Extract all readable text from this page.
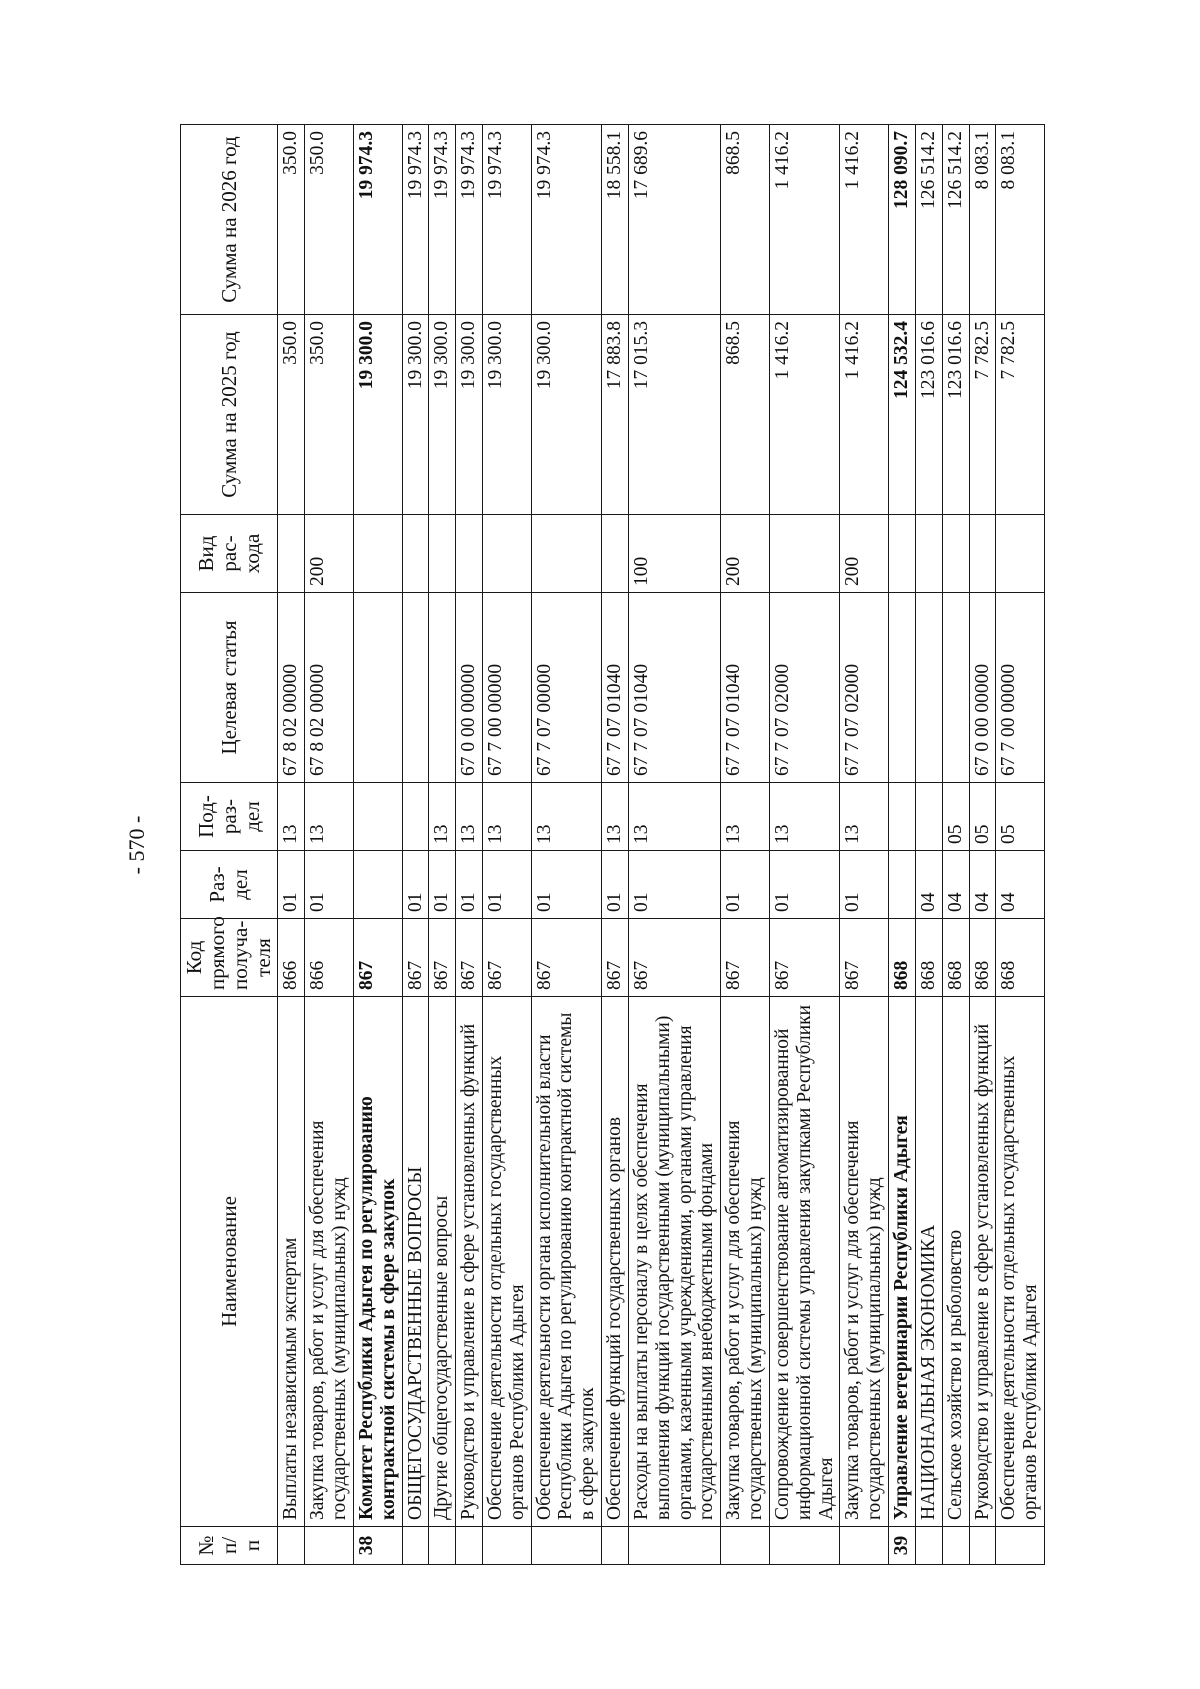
- 570 -
№ п/п	Наименование	Код прямого получа- теля	Раз- дел	Под- раз- дел	Целевая статья	Вид рас- хода	Сумма на 2025 год	Сумма на 2026 год
	Выплаты независимым экспертам	866	01	13	67 8 02 00000		350.0	350.0
	Закупка товаров, работ и услуг для обеспечения государственных (муниципальных) нужд	866	01	13	67 8 02 00000	200	350.0	350.0
38	Комитет Республики Адыгея по регулированию контрактной системы в сфере закупок	867					19 300.0	19 974.3
	ОБЩЕГОСУДАРСТВЕННЫЕ ВОПРОСЫ	867	01				19 300.0	19 974.3
	Другие общегосударственные вопросы	867	01	13			19 300.0	19 974.3
	Руководство и управление в сфере установленных функций	867	01	13	67 0 00 00000		19 300.0	19 974.3
	Обеспечение деятельности отдельных государственных органов Республики Адыгея	867	01	13	67 7 00 00000		19 300.0	19 974.3
	Обеспечение деятельности органа исполнительной власти Республики Адыгея по регулированию контрактной системы в сфере закупок	867	01	13	67 7 07 00000		19 300.0	19 974.3
	Обеспечение функций государственных органов	867	01	13	67 7 07 01040		17 883.8	18 558.1
	Расходы на выплаты персоналу в целях обеспечения выполнения функций государственными (муниципальными) органами, казенными учреждениями, органами управления государственными внебюджетными фондами	867	01	13	67 7 07 01040	100	17 015.3	17 689.6
	Закупка товаров, работ и услуг для обеспечения государственных (муниципальных) нужд	867	01	13	67 7 07 01040	200	868.5	868.5
	Сопровождение и совершенствование автоматизированной информационной системы управления закупками Республики Адыгея	867	01	13	67 7 07 02000		1 416.2	1 416.2
	Закупка товаров, работ и услуг для обеспечения государственных (муниципальных) нужд	867	01	13	67 7 07 02000	200	1 416.2	1 416.2
39	Управление ветеринарии Республики Адыгея	868					124 532.4	128 090.7
	НАЦИОНАЛЬНАЯ ЭКОНОМИКА	868	04				123 016.6	126 514.2
	Сельское хозяйство и рыболовство	868	04	05			123 016.6	126 514.2
	Руководство и управление в сфере установленных функций	868	04	05	67 0 00 00000		7 782.5	8 083.1
	Обеспечение деятельности отдельных государственных органов Республики Адыгея	868	04	05	67 7 00 00000		7 782.5	8 083.1
